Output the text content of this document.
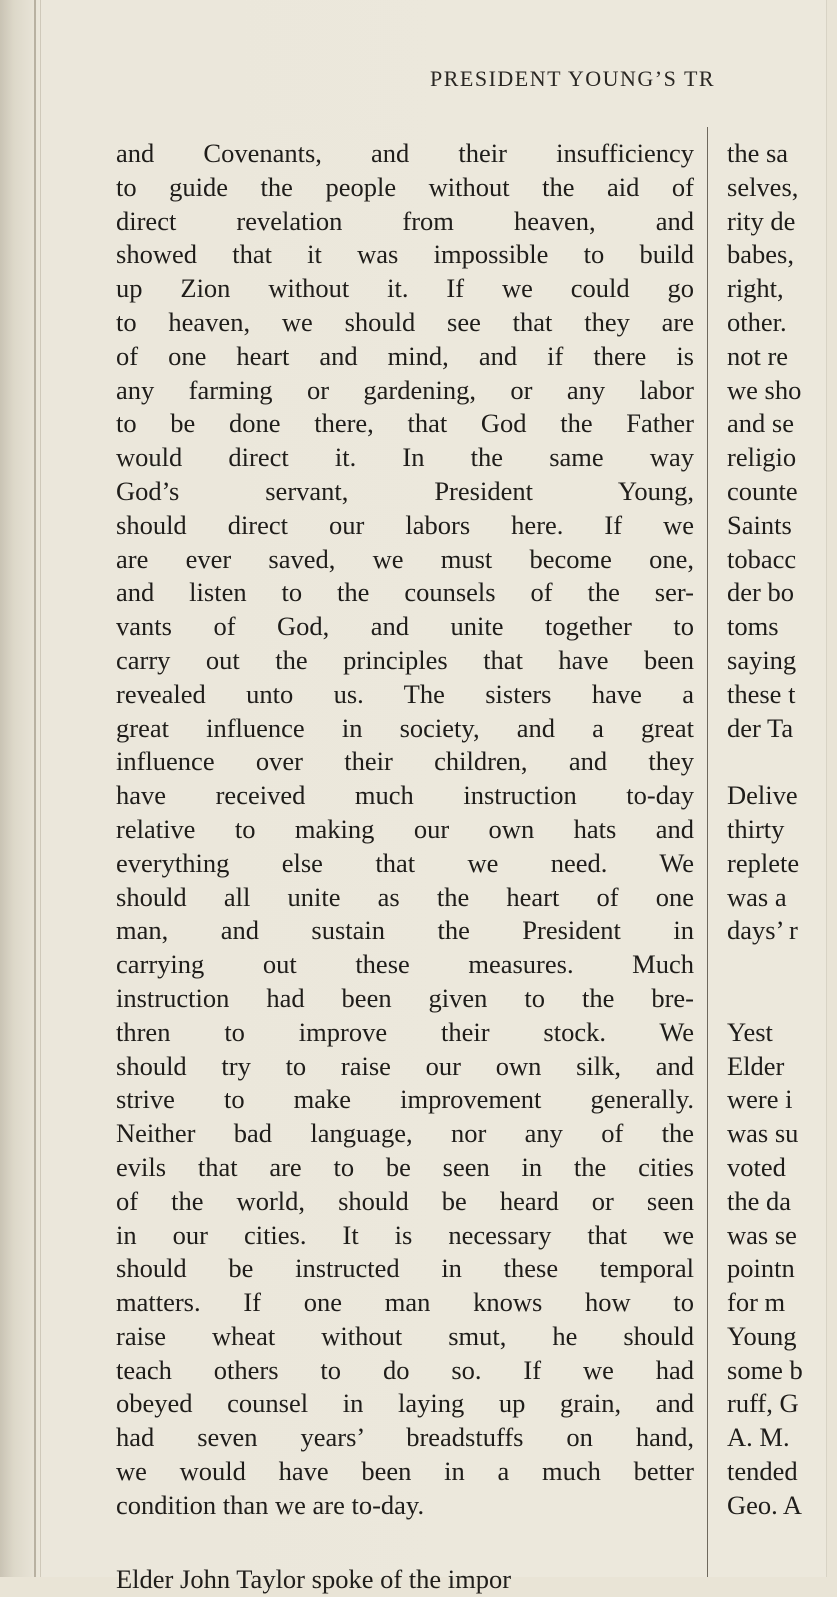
PRESIDENT YOUNG’S TR
and Covenants, and their insufficiency
to guide the people without the aid of
direct revelation from heaven, and
showed that it was impossible to build
up Zion without it. If we could go
to heaven, we should see that they are
of one heart and mind, and if there is
any farming or gardening, or any labor
to be done there, that God the Father
would direct it. In the same way
God’s servant, President Young,
should direct our labors here. If we
are ever saved, we must become one,
and listen to the counsels of the ser-
vants of God, and unite together to
carry out the principles that have been
revealed unto us. The sisters have a
great influence in society, and a great
influence over their children, and they
have received much instruction to-day
relative to making our own hats and
everything else that we need. We
should all unite as the heart of one
man, and sustain the President in
carrying out these measures. Much
instruction had been given to the bre-
thren to improve their stock. We
should try to raise our own silk, and
strive to make improvement generally.
Neither bad language, nor any of the
evils that are to be seen in the cities
of the world, should be heard or seen
in our cities. It is necessary that we
should be instructed in these temporal
matters. If one man knows how to
raise wheat without smut, he should
teach others to do so. If we had
obeyed counsel in laying up grain, and
had seven years’ breadstuffs on hand,
we would have been in a much better
condition than we are to-day.
the sa
selves,
rity de
babes,
right,
other.
not re
we sho
and se
religio
counte
Saints
tobacc
der bo
toms
saying
these t
der Ta
Delive
thirty
replete
was a
days’ r
Yest
Elder
were i
was su
voted
the da
was se
pointn
for m
Young
some b
ruff, G
A. M.
tended
Geo. A
Elder John Taylor spoke of the impor
